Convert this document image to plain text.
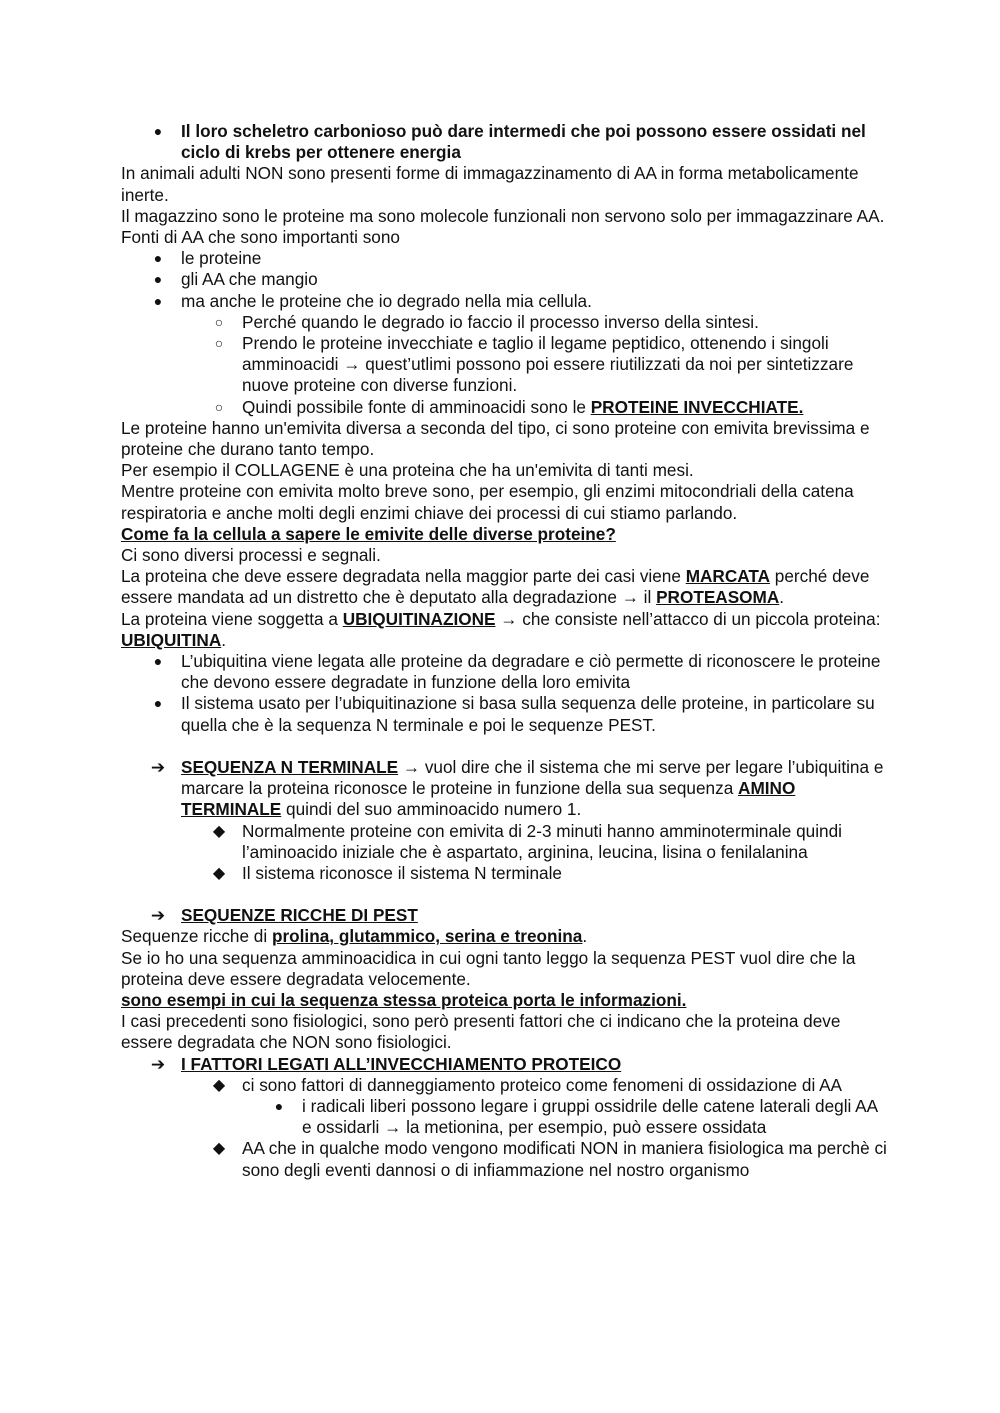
●	Il loro scheletro carbonioso può dare intermedi che poi possono essere ossidati nel ciclo di krebs per ottenere energia

In animali adulti NON sono presenti forme di immagazzinamento di AA in forma metabolicamente inerte.

Il magazzino sono le proteine ma sono molecole funzionali non servono solo per immagazzinare AA.

Fonti di AA che sono importanti sono

●	le proteine

●	gli AA che mangio

●	ma anche le proteine che io degrado nella mia cellula.

○	Perché quando le degrado io faccio il processo inverso della sintesi.

○	Prendo le proteine invecchiate e taglio il legame peptidico, ottenendo i singoli amminoacidi → quest’utlimi possono poi essere riutilizzati da noi per sintetizzare nuove proteine con diverse funzioni.

○	Quindi possibile fonte di amminoacidi sono le PROTEINE INVECCHIATE.

Le proteine hanno un'emivita diversa a seconda del tipo, ci sono proteine con emivita brevissima e proteine che durano tanto tempo.

Per esempio il COLLAGENE è una proteina che ha un'emivita di tanti mesi.

Mentre proteine con emivita molto breve sono, per esempio, gli enzimi mitocondriali della catena respiratoria e anche molti degli enzimi chiave dei processi di cui stiamo parlando.

Come fa la cellula a sapere le emivite delle diverse proteine?

Ci sono diversi processi e segnali.

La proteina che deve essere degradata nella maggior parte dei casi viene MARCATA perché deve essere mandata ad un distretto che è deputato alla degradazione → il PROTEASOMA.

La proteina viene soggetta a UBIQUITINAZIONE → che consiste nell’attacco di un piccola proteina: UBIQUITINA.

●	L’ubiquitina viene legata alle proteine da degradare e ciò permette di riconoscere le proteine che devono essere degradate in funzione della loro emivita

●	Il sistema usato per l’ubiquitinazione si basa sulla sequenza delle proteine, in particolare su quella che è la sequenza N terminale e poi le sequenze PEST.

➔ SEQUENZA N TERMINALE → vuol dire che il sistema che mi serve per legare l’ubiquitina e marcare la proteina riconosce le proteine in funzione della sua sequenza AMINO TERMINALE quindi del suo amminoacido numero 1.

◆ Normalmente proteine con emivita di 2-3 minuti hanno amminoterminale quindi l’aminoacido iniziale che è aspartato, arginina, leucina, lisina o fenilalanina

◆ Il sistema riconosce il sistema N terminale

➔ SEQUENZE RICCHE DI PEST

Sequenze ricche di prolina, glutammico, serina e treonina.

Se io ho una sequenza amminoacidica in cui ogni tanto leggo la sequenza PEST vuol dire che la proteina deve essere degradata velocemente.

sono esempi in cui la sequenza stessa proteica porta le informazioni.

I casi precedenti sono fisiologici, sono però presenti fattori che ci indicano che la proteina deve essere degradata che NON sono fisiologici.

➔ I FATTORI LEGATI ALL’INVECCHIAMENTO PROTEICO

◆ ci sono fattori di danneggiamento proteico come fenomeni di ossidazione di AA

●	i radicali liberi possono legare i gruppi ossidrile delle catene laterali degli AA e ossidarli → la metionina, per esempio, può essere ossidata

◆ AA che in qualche modo vengono modificati NON in maniera fisiologica ma perchè ci sono degli eventi dannosi o di infiammazione nel nostro organismo
